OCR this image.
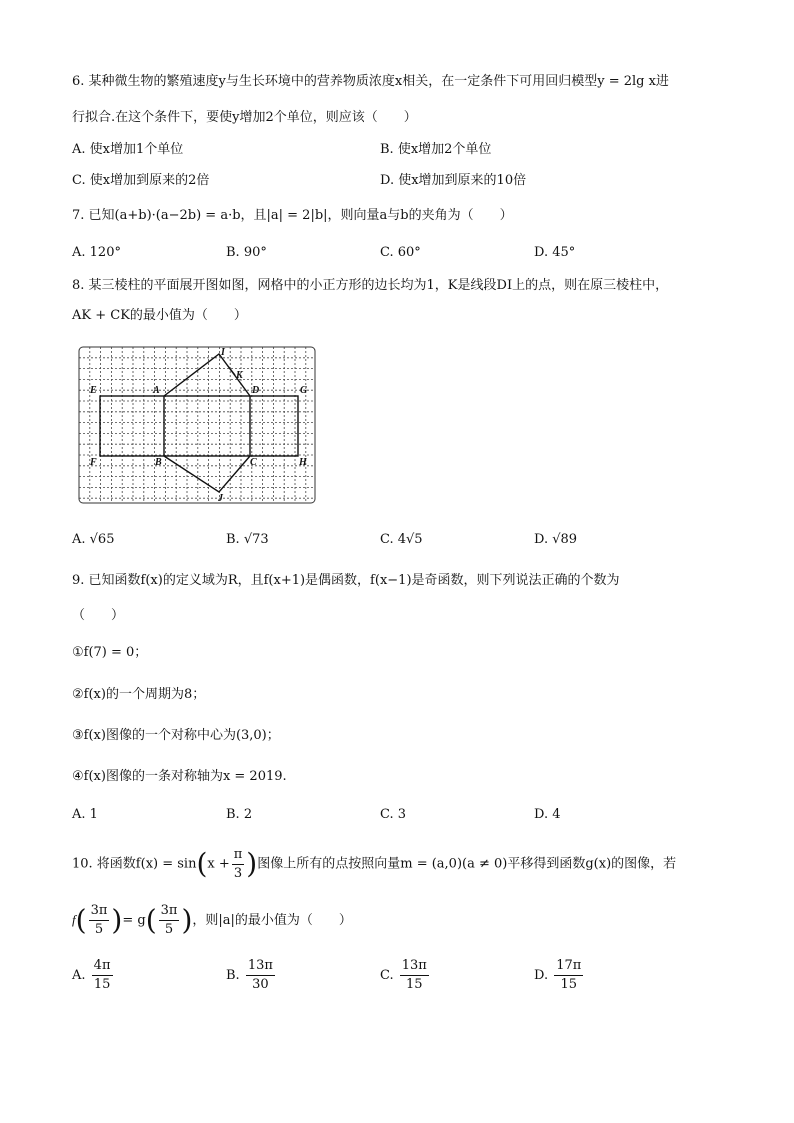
6. 某种微生物的繁殖速度y与生长环境中的营养物质浓度x相关，在一定条件下可用回归模型y = 2lg x进
行拟合.在这个条件下，要使y增加2个单位，则应该（　　）
A. 使x增加1个单位	B. 使x增加2个单位
C. 使x增加到原来的2倍	D. 使x增加到原来的10倍
7. 已知(a+b)·(a−2b) = a·b，且|a| = 2|b|，则向量a与b的夹角为（　　）
A. 120°	B. 90°	C. 60°	D. 45°
8. 某三棱柱的平面展开图如图，网格中的小正方形的边长均为1，K是线段DI上的点，则在原三棱柱中，
AK + CK的最小值为（　　）
E	A	D	G
F	B	C	H
I
J
K
A. √65	B. √73	C. 4√5	D. √89
9. 已知函数f(x)的定义域为R，且f(x+1)是偶函数，f(x−1)是奇函数，则下列说法正确的个数为
（　　）
①f(7) = 0；
②f(x)的一个周期为8；
③f(x)图像的一个对称中心为(3,0)；
④f(x)图像的一条对称轴为x = 2019.
A. 1	B. 2	C. 3	D. 4
10. 将函数$f(x) = \sin(x + \frac{\pi}{3}$ )图像上所有的点按照向量m = (a,0)(a ≠ 0)平移得到函数g(x)的图像，若
$f( \frac{3\pi}{5}$ )= $g( \frac{3\pi}{5}$ )，则|a|的最小值为（　　）
A. $\frac{4\pi}{15}$	B. $\frac{13\pi}{30}$	C. $\frac{13\pi}{15}$	D. $\frac{17\pi}{15}$
